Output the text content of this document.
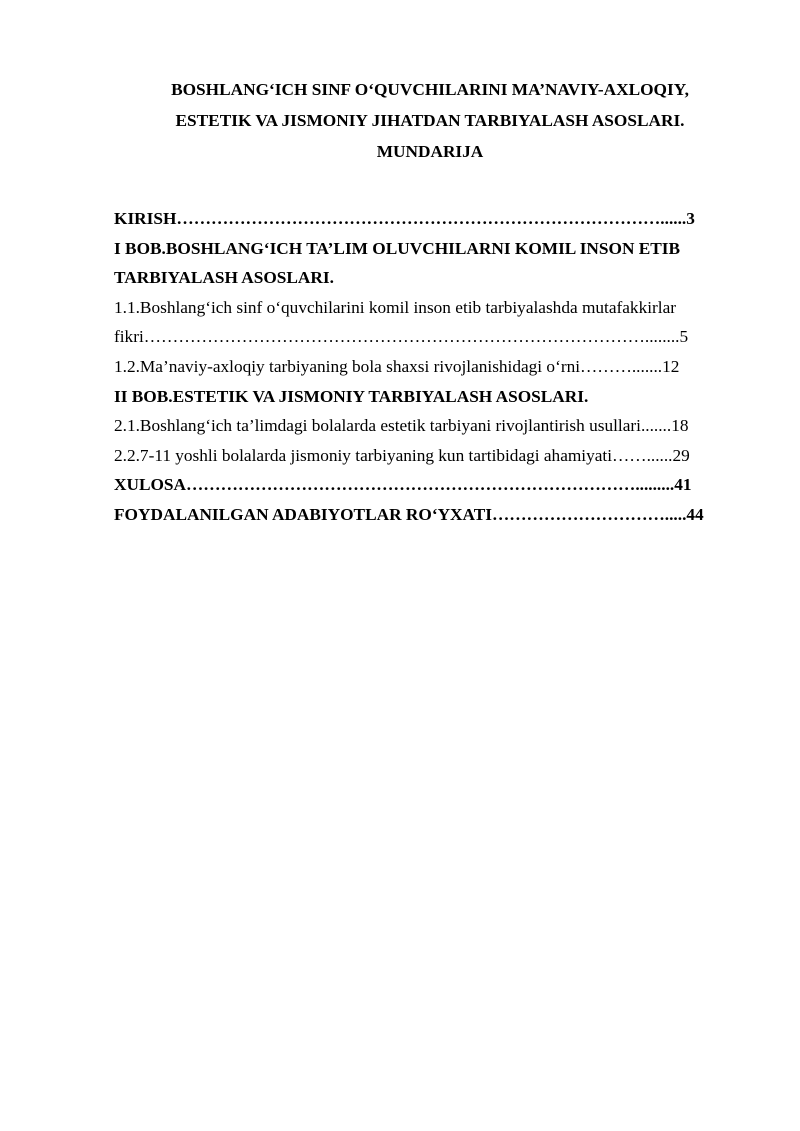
BOSHLANG‘ICH SINF O‘QUVCHILARINI MA’NAVIY-AXLOQIY,
ESTETIK VA JISMONIY JIHATDAN TARBIYALASH ASOSLARI.
MUNDARIJA
KIRISH…………………………………………………………………………......3
I BOB.BOSHLANG‘ICH TA’LIM OLUVCHILARNI KOMIL INSON ETIB
TARBIYALASH ASOSLARI.
1.1.Boshlang‘ich sinf o‘quvchilarini komil inson etib tarbiyalashda mutafakkirlar
fikri……………………………………………………………………………........5
1.2.Ma’naviy-axloqiy tarbiyaning bola shaxsi rivojlanishidagi o‘rni……….......12
II BOB.ESTETIK VA JISMONIY TARBIYALASH ASOSLARI.
2.1.Boshlang‘ich ta’limdagi bolalarda estetik tarbiyani rivojlantirish usullari.......18
2.2.7-11 yoshli bolalarda jismoniy tarbiyaning kun tartibidagi ahamiyati……......29
XULOSA…………………………………………………………………….........41
FOYDALANILGAN ADABIYOTLAR RO‘YXATI………………………….....44
